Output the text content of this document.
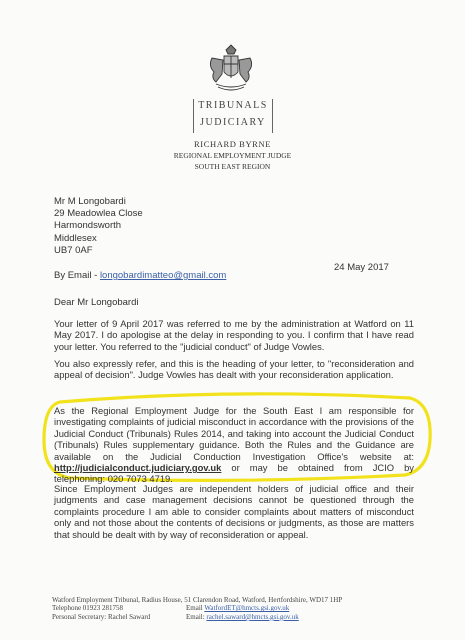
TRIBUNALS
JUDICIARY
RICHARD BYRNE
REGIONAL EMPLOYMENT JUDGE
SOUTH EAST REGION
Mr M Longobardi
29 Meadowlea Close
Harmondsworth
Middlesex
UB7 0AF
24 May 2017
By Email - longobardimatteo@gmail.com
Dear Mr Longobardi
Your letter of 9 April 2017 was referred to me by the administration at Watford on 11 May 2017. I do apologise at the delay in responding to you. I confirm that I have read your letter. You referred to the "judicial conduct" of Judge Vowles.
You also expressly refer, and this is the heading of your letter, to "reconsideration and appeal of decision". Judge Vowles has dealt with your reconsideration application.
As the Regional Employment Judge for the South East I am responsible for investigating complaints of judicial misconduct in accordance with the provisions of the Judicial Conduct (Tribunals) Rules 2014, and taking into account the Judicial Conduct (Tribunals) Rules supplementary guidance. Both the Rules and the Guidance are available on the Judicial Conduction Investigation Office's website at: http://judicialconduct.judiciary.gov.uk or may be obtained from JCIO by telephoning: 020 7073 4719.
Since Employment Judges are independent holders of judicial office and their judgments and case management decisions cannot be questioned through the complaints procedure I am able to consider complaints about matters of misconduct only and not those about the contents of decisions or judgments, as those are matters that should be dealt with by way of reconsideration or appeal.
Watford Employment Tribunal, Radius House, 51 Clarendon Road, Watford, Hertfordshire, WD17 1HP
Telephone 01923 281758	Email WatfordET@hmcts.gsi.gov.uk
Personal Secretary: Rachel Saward	Email: rachel.saward@hmcts.gsi.gov.uk
